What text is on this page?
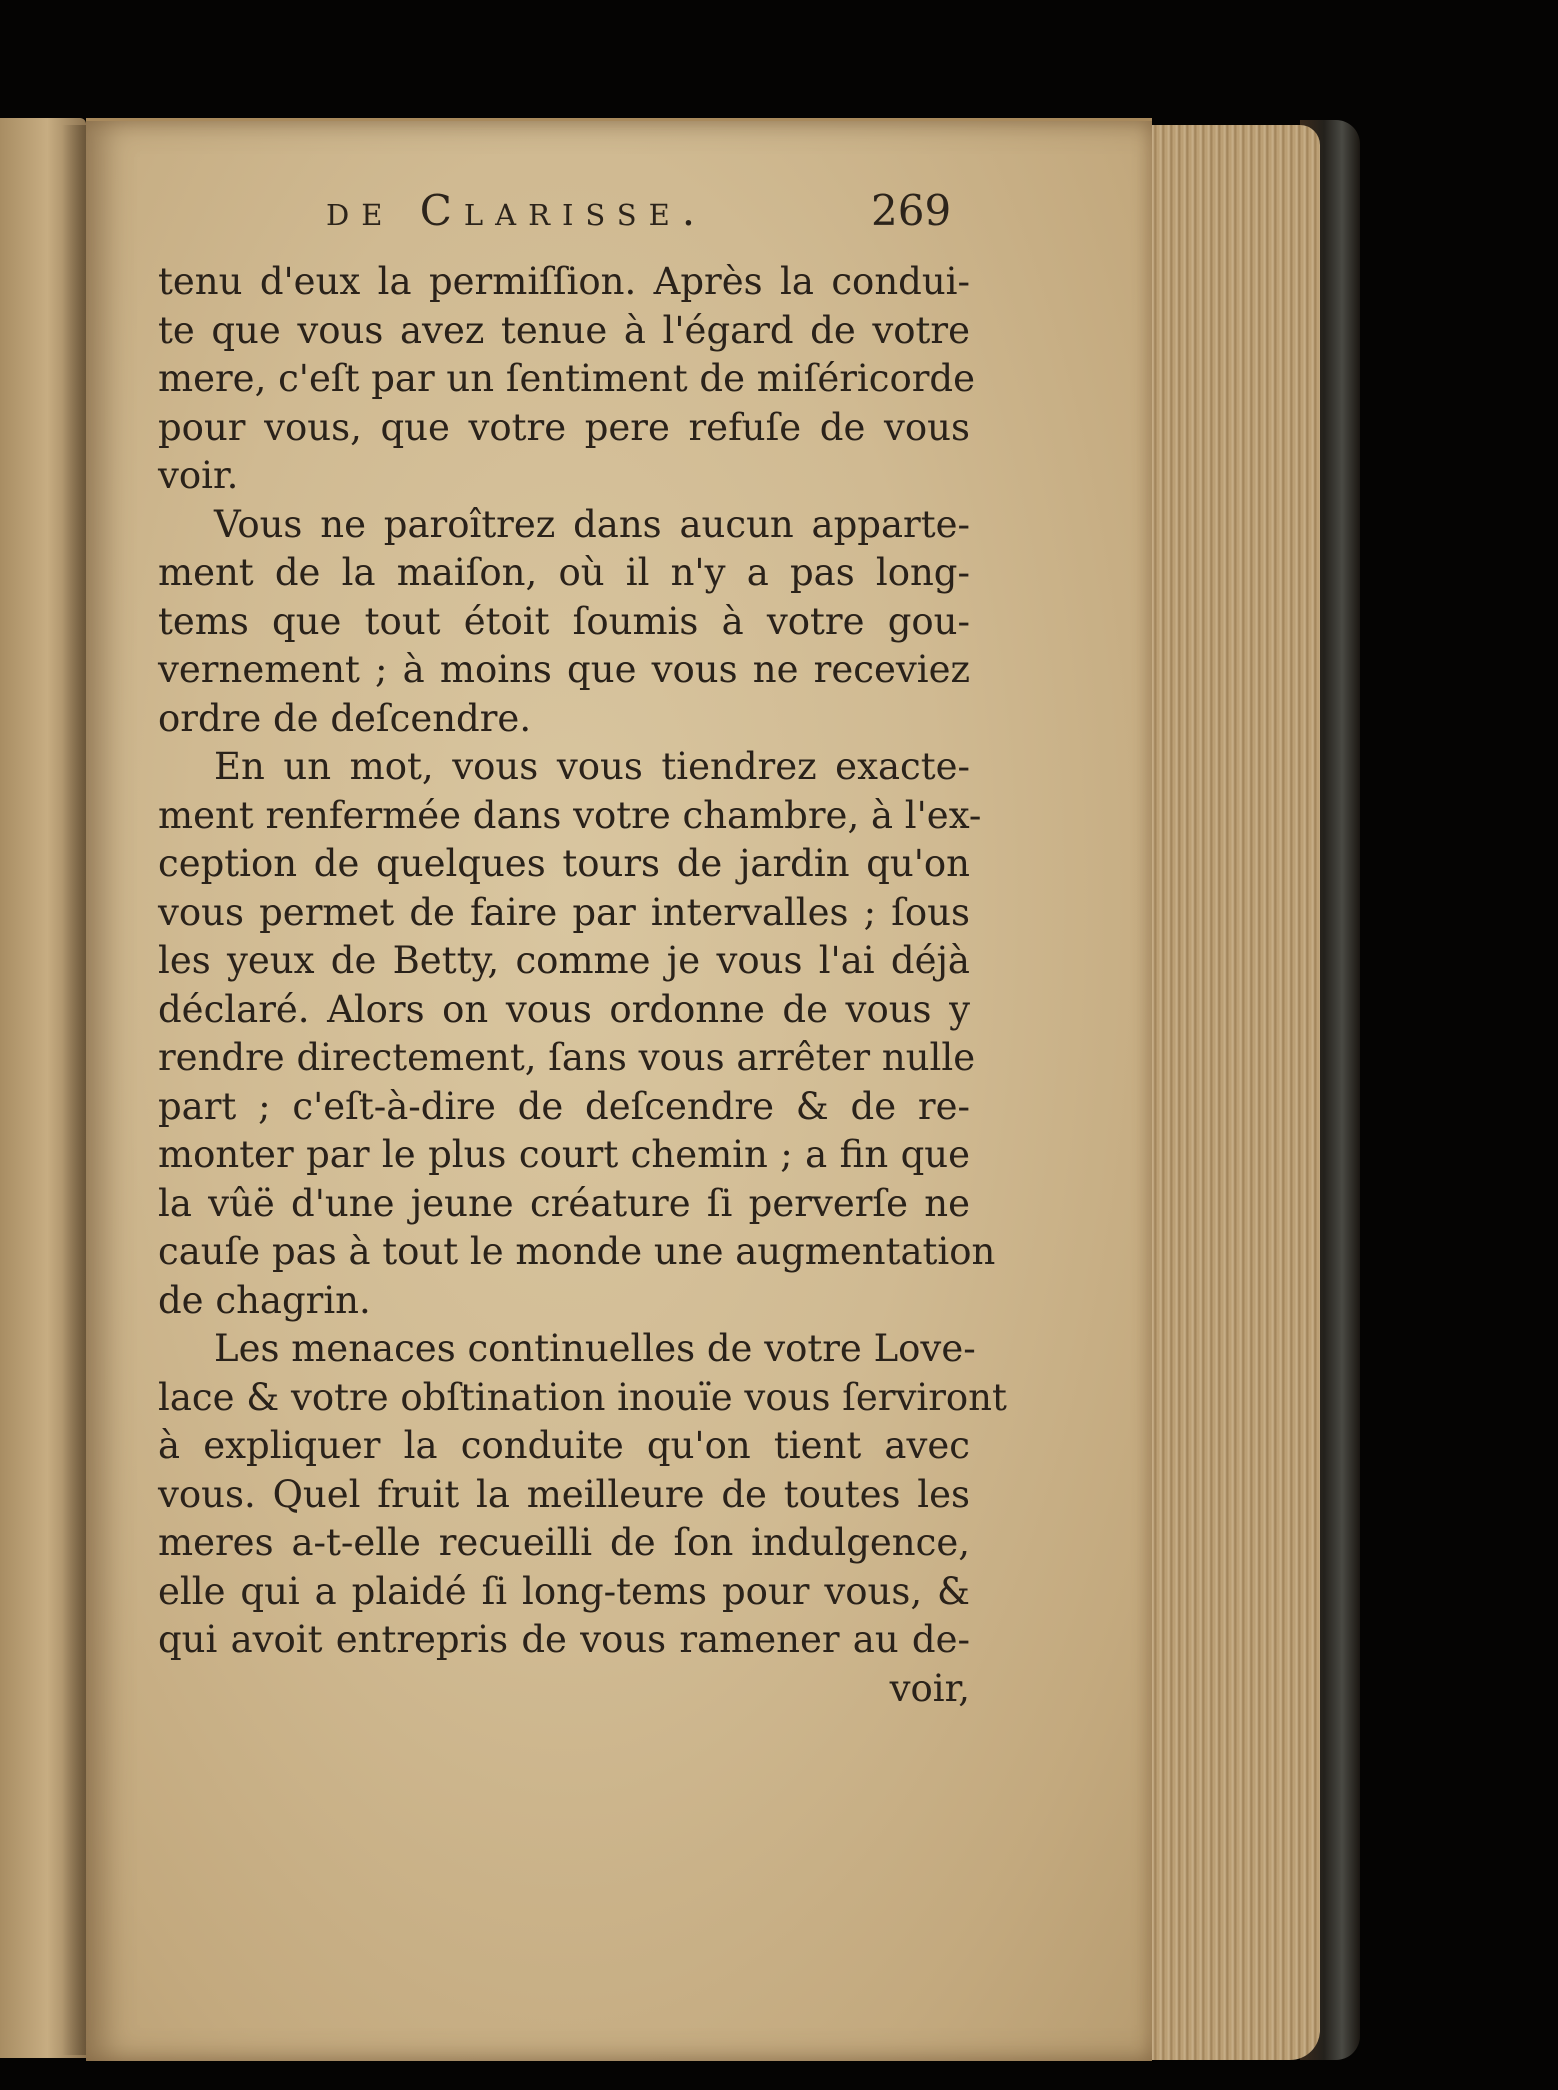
de Clarisse.	269
tenu d'eux la permiſſion. Après la condui-
te que vous avez tenue à l'égard de votre
mere, c'eſt par un ſentiment de miſéricorde
pour vous, que votre pere refuſe de vous
voir.
Vous ne paroîtrez dans aucun apparte-
ment de la maiſon, où il n'y a pas long-
tems que tout étoit ſoumis à votre gou-
vernement ; à moins que vous ne receviez
ordre de deſcendre.
En un mot, vous vous tiendrez exacte-
ment renfermée dans votre chambre, à l'ex-
ception de quelques tours de jardin qu'on
vous permet de faire par intervalles ; ſous
les yeux de Betty, comme je vous l'ai déjà
déclaré. Alors on vous ordonne de vous y
rendre directement, ſans vous arrêter nulle
part ; c'eſt-à-dire de deſcendre & de re-
monter par le plus court chemin ; a fin que
la vûë d'une jeune créature ſi perverſe ne
cauſe pas à tout le monde une augmentation
de chagrin.
Les menaces continuelles de votre Love-
lace & votre obſtination inouïe vous ſerviront
à expliquer la conduite qu'on tient avec
vous. Quel fruit la meilleure de toutes les
meres a-t-elle recueilli de ſon indulgence,
elle qui a plaidé ſi long-tems pour vous, &
qui avoit entrepris de vous ramener au de-
voir,
